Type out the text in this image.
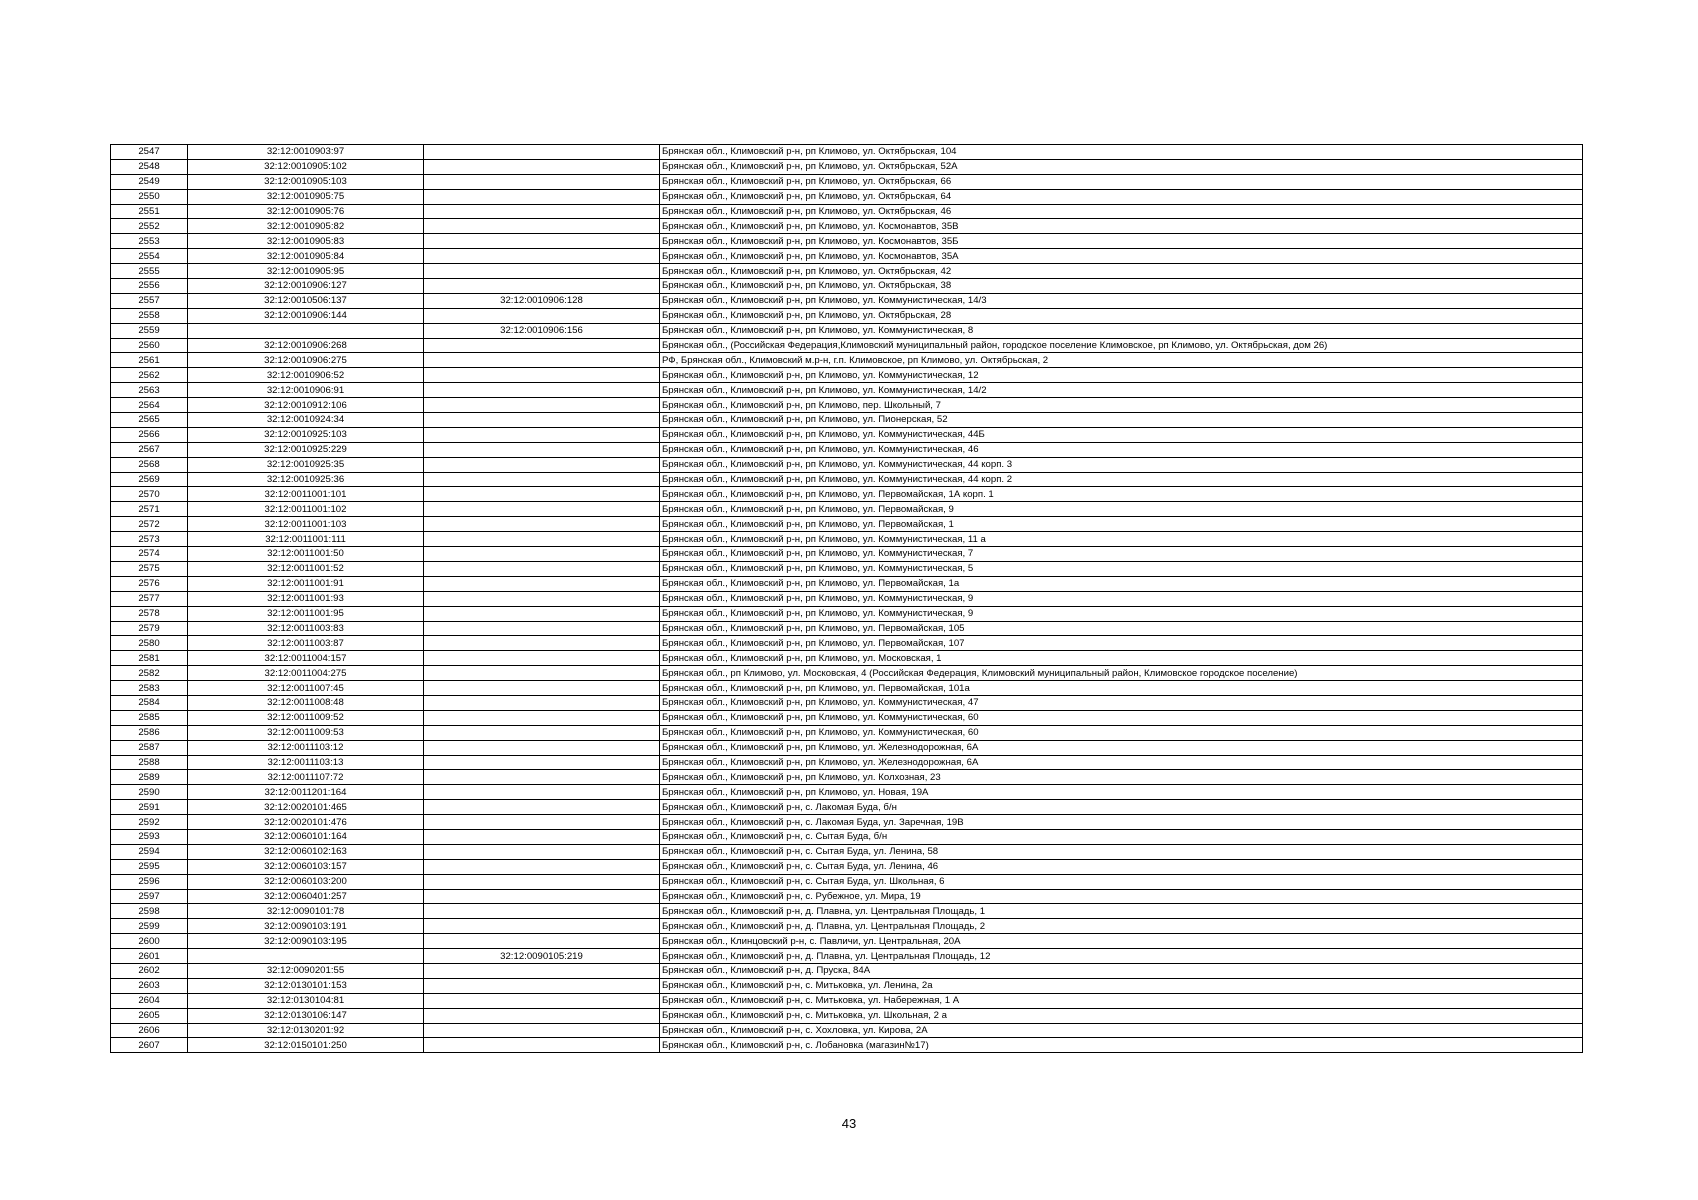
2547	32:12:0010903:97		Брянская обл., Климовский р-н, рп Климово, ул. Октябрьская, 104
2548	32:12:0010905:102		Брянская обл., Климовский р-н, рп Климово, ул. Октябрьская, 52А
2549	32:12:0010905:103		Брянская обл., Климовский р-н, рп Климово, ул. Октябрьская, 66
2550	32:12:0010905:75		Брянская обл., Климовский р-н, рп Климово, ул. Октябрьская, 64
2551	32:12:0010905:76		Брянская обл., Климовский р-н, рп Климово, ул. Октябрьская, 46
2552	32:12:0010905:82		Брянская обл., Климовский р-н, рп Климово, ул. Космонавтов, 35В
2553	32:12:0010905:83		Брянская обл., Климовский р-н, рп Климово, ул. Космонавтов, 35Б
2554	32:12:0010905:84		Брянская обл., Климовский р-н, рп Климово, ул. Космонавтов, 35А
2555	32:12:0010905:95		Брянская обл., Климовский р-н, рп Климово, ул. Октябрьская, 42
2556	32:12:0010906:127		Брянская обл., Климовский р-н, рп Климово, ул. Октябрьская, 38
2557	32:12:0010506:137	32:12:0010906:128	Брянская обл., Климовский р-н, рп Климово, ул. Коммунистическая, 14/3
2558	32:12:0010906:144		Брянская обл., Климовский р-н, рп Климово, ул. Октябрьская, 28
2559		32:12:0010906:156	Брянская обл., Климовский р-н, рп Климово, ул. Коммунистическая, 8
2560	32:12:0010906:268		Брянская обл., (Российская Федерация,Климовский муниципальный район, городское поселение Климовское, рп Климово, ул. Октябрьская, дом 26)
2561	32:12:0010906:275		РФ, Брянская обл., Климовский м.р-н, г.п. Климовское, рп Климово, ул. Октябрьская, 2
2562	32:12:0010906:52		Брянская обл., Климовский р-н, рп Климово, ул. Коммунистическая, 12
2563	32:12:0010906:91		Брянская обл., Климовский р-н, рп Климово, ул. Коммунистическая, 14/2
2564	32:12:0010912:106		Брянская обл., Климовский р-н, рп Климово, пер. Школьный, 7
2565	32:12:0010924:34		Брянская обл., Климовский р-н, рп Климово, ул. Пионерская, 52
2566	32:12:0010925:103		Брянская обл., Климовский р-н, рп Климово, ул. Коммунистическая, 44Б
2567	32:12:0010925:229		Брянская обл., Климовский р-н, рп Климово, ул. Коммунистическая, 46
2568	32:12:0010925:35		Брянская обл., Климовский р-н, рп Климово, ул. Коммунистическая, 44 корп. 3
2569	32:12:0010925:36		Брянская обл., Климовский р-н, рп Климово, ул. Коммунистическая, 44 корп. 2
2570	32:12:0011001:101		Брянская обл., Климовский р-н, рп Климово, ул. Первомайская, 1А корп. 1
2571	32:12:0011001:102		Брянская обл., Климовский р-н, рп Климово, ул. Первомайская, 9
2572	32:12:0011001:103		Брянская обл., Климовский р-н, рп Климово, ул. Первомайская, 1
2573	32:12:0011001:111		Брянская обл., Климовский р-н, рп Климово, ул. Коммунистическая, 11 а
2574	32:12:0011001:50		Брянская обл., Климовский р-н, рп Климово, ул. Коммунистическая, 7
2575	32:12:0011001:52		Брянская обл., Климовский р-н, рп Климово, ул. Коммунистическая, 5
2576	32:12:0011001:91		Брянская обл., Климовский р-н, рп Климово, ул. Первомайская, 1а
2577	32:12:0011001:93		Брянская обл., Климовский р-н, рп Климово, ул. Коммунистическая, 9
2578	32:12:0011001:95		Брянская обл., Климовский р-н, рп Климово, ул. Коммунистическая, 9
2579	32:12:0011003:83		Брянская обл., Климовский р-н, рп Климово, ул. Первомайская, 105
2580	32:12:0011003:87		Брянская обл., Климовский р-н, рп Климово, ул. Первомайская, 107
2581	32:12:0011004:157		Брянская обл., Климовский р-н, рп Климово, ул. Московская, 1
2582	32:12:0011004:275		Брянская обл., рп Климово, ул. Московская, 4 (Российская Федерация, Климовский муниципальный район, Климовское городское поселение)
2583	32:12:0011007:45		Брянская обл., Климовский р-н, рп Климово, ул. Первомайская, 101а
2584	32:12:0011008:48		Брянская обл., Климовский р-н, рп Климово, ул. Коммунистическая, 47
2585	32:12:0011009:52		Брянская обл., Климовский р-н, рп Климово, ул. Коммунистическая, 60
2586	32:12:0011009:53		Брянская обл., Климовский р-н, рп Климово, ул. Коммунистическая, 60
2587	32:12:0011103:12		Брянская обл., Климовский р-н, рп Климово, ул. Железнодорожная, 6А
2588	32:12:0011103:13		Брянская обл., Климовский р-н, рп Климово, ул. Железнодорожная, 6А
2589	32:12:0011107:72		Брянская обл., Климовский р-н, рп Климово, ул. Колхозная, 23
2590	32:12:0011201:164		Брянская обл., Климовский р-н, рп Климово, ул. Новая, 19А
2591	32:12:0020101:465		Брянская обл., Климовский р-н, с. Лакомая Буда, б/н
2592	32:12:0020101:476		Брянская обл., Климовский р-н, с. Лакомая Буда, ул. Заречная, 19В
2593	32:12:0060101:164		Брянская обл., Климовский р-н, с. Сытая Буда, б/н
2594	32:12:0060102:163		Брянская обл., Климовский р-н, с. Сытая Буда, ул. Ленина, 58
2595	32:12:0060103:157		Брянская обл., Климовский р-н, с. Сытая Буда, ул. Ленина, 46
2596	32:12:0060103:200		Брянская обл., Климовский р-н, с. Сытая Буда, ул. Школьная, 6
2597	32:12:0060401:257		Брянская обл., Климовский р-н, с. Рубежное, ул. Мира, 19
2598	32:12:0090101:78		Брянская обл., Климовский р-н, д. Плавна, ул. Центральная Площадь, 1
2599	32:12:0090103:191		Брянская обл., Климовский р-н, д. Плавна, ул. Центральная Площадь, 2
2600	32:12:0090103:195		Брянская обл., Клинцовский р-н, с. Павличи, ул. Центральная, 20А
2601		32:12:0090105:219	Брянская обл., Климовский р-н, д. Плавна, ул. Центральная Площадь, 12
2602	32:12:0090201:55		Брянская обл., Климовский р-н, д. Пруска, 84А
2603	32:12:0130101:153		Брянская обл., Климовский р-н, с. Митьковка, ул. Ленина, 2а
2604	32:12:0130104:81		Брянская обл., Климовский р-н, с. Митьковка, ул. Набережная, 1 А
2605	32:12:0130106:147		Брянская обл., Климовский р-н, с. Митьковка, ул. Школьная, 2 а
2606	32:12:0130201:92		Брянская обл., Климовский р-н, с. Хохловка, ул. Кирова, 2А
2607	32:12:0150101:250		Брянская обл., Климовский р-н, с. Лобановка (магазин№17)
43
